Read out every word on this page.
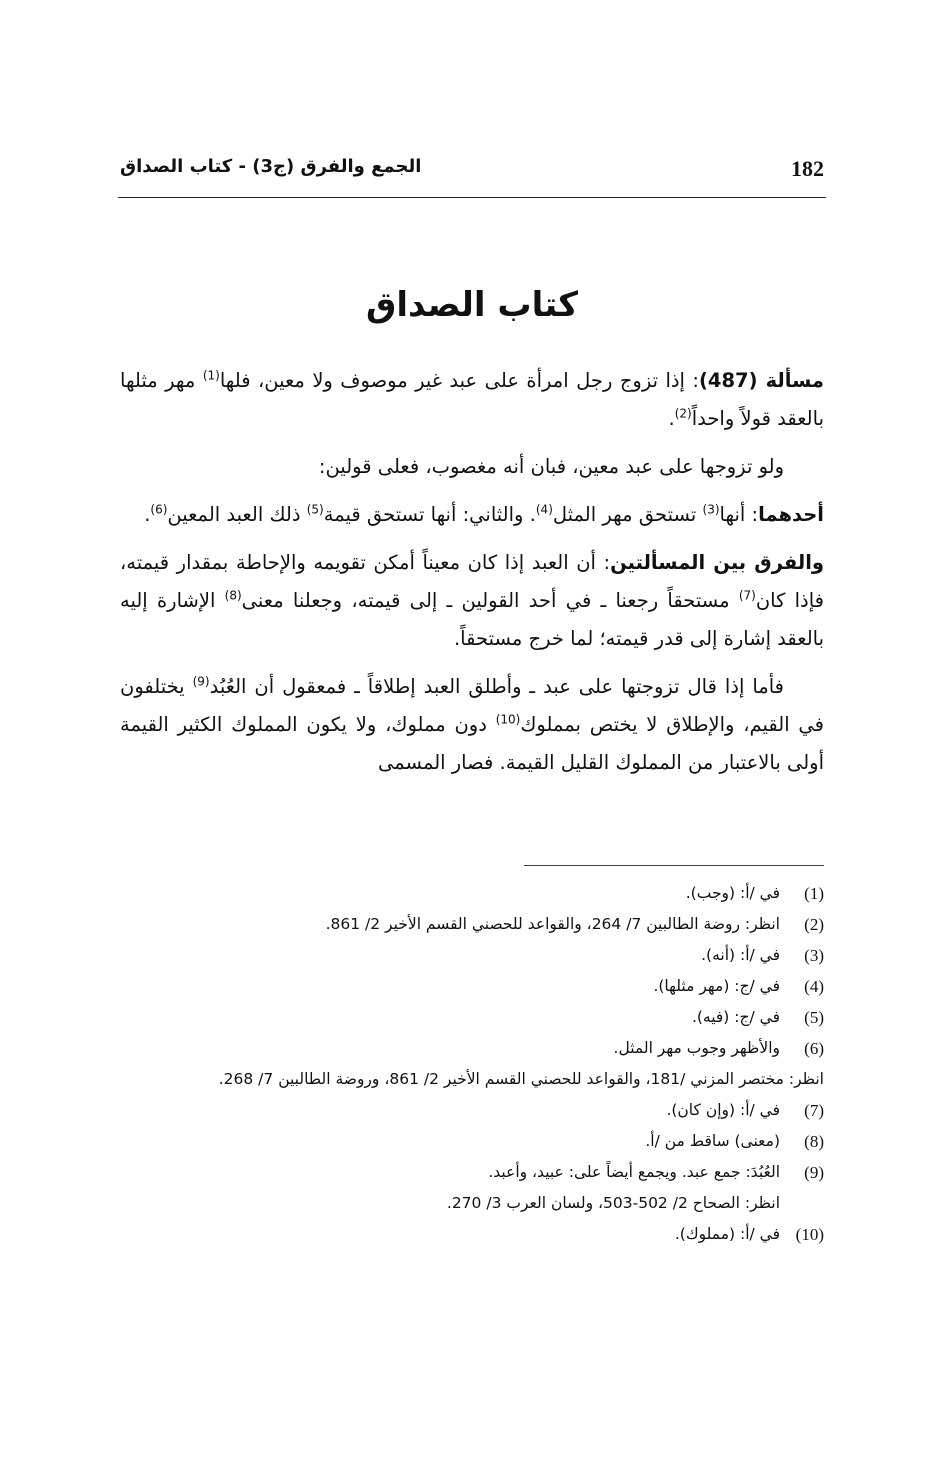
182
الجمع والفرق (ج3) - كتاب الصداق
كتاب الصداق

مسألة (487): إذا تزوج رجل امرأة على عبد غير موصوف ولا معين، فلها$^{(1)}$ مهر مثلها بالعقد قولاً واحداً$^{(2)}$.

ولو تزوجها على عبد معين، فبان أنه مغصوب، فعلى قولين:

أحدهما: أنها$^{(3)}$ تستحق مهر المثل$^{(4)}$. والثاني: أنها تستحق قيمة$^{(5)}$ ذلك العبد المعين$^{(6)}$.

والفرق بين المسألتين: أن العبد إذا كان معيناً أمكن تقويمه والإحاطة بمقدار قيمته، فإذا كان$^{(7)}$ مستحقاً رجعنا ـ في أحد القولين ـ إلى قيمته، وجعلنا معنى$^{(8)}$ الإشارة إليه بالعقد إشارة إلى قدر قيمته؛ لما خرج مستحقاً.

فأما إذا قال تزوجتها على عبد ـ وأطلق العبد إطلاقاً ـ فمعقول أن العُبُد$^{(9)}$ يختلفون في القيم، والإطلاق لا يختص بمملوك$^{(10)}$ دون مملوك، ولا يكون المملوك الكثير القيمة أولى بالاعتبار من المملوك القليل القيمة. فصار المسمى

(1)
في /أ: (وجب).
(2)
انظر: روضة الطالبين 7/ 264، والقواعد للحصني القسم الأخير 2/ 861.
(3)
في /أ: (أنه).
(4)
في /ج: (مهر مثلها).
(5)
في /ج: (فيه).
(6)
والأظهر وجوب مهر المثل.
انظر: مختصر المزني /181، والقواعد للحصني القسم الأخير 2/ 861، وروضة الطالبين 7/ 268.
(7)
في /أ: (وإن كان).
(8)
(معنى) ساقط من /أ.
(9)
العُبُدَ: جمع عبد. ويجمع أيضاً على: عبيد، وأعبد.
انظر: الصحاح 2/ 502-503، ولسان العرب 3/ 270.
(10)
في /أ: (مملوك).
